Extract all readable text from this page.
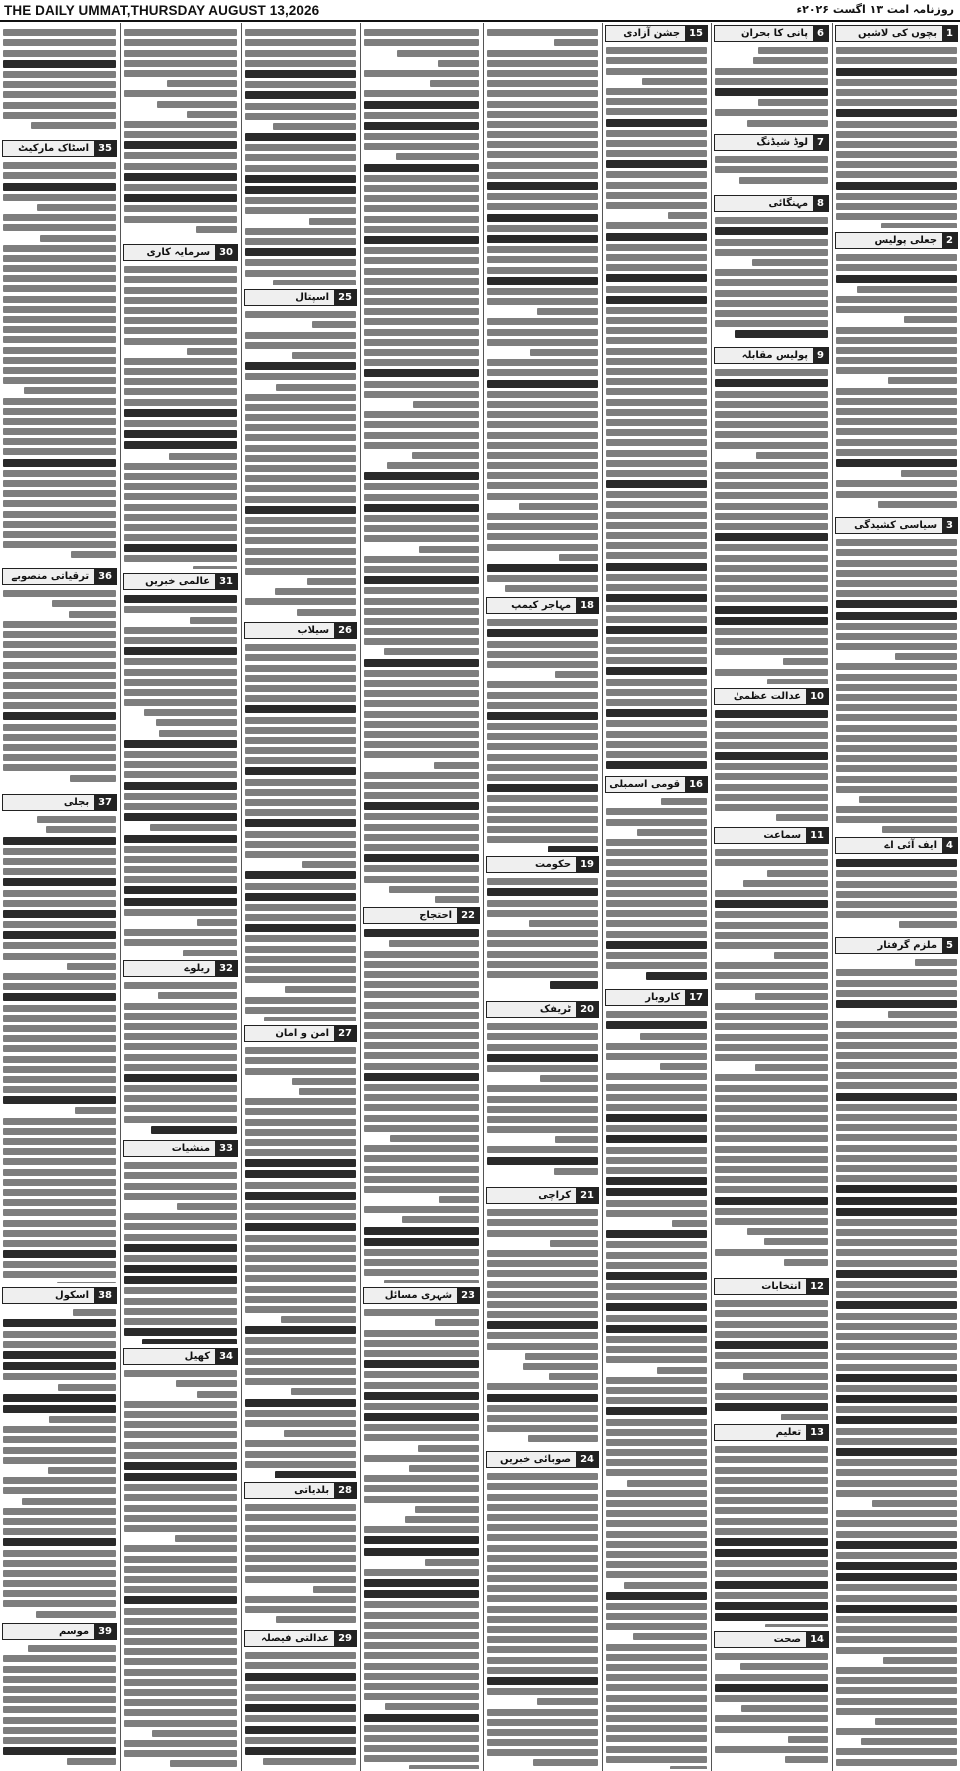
THE DAILY UMMAT,THURSDAY AUGUST 13,2026	روزنامہ امت ۱۳ اگست ۲۰۲۶ء
1بچوں کی لاشیں
2جعلی پولیس
3سیاسی کشیدگی
4ایف آئی اے
5ملزم گرفتار
6پانی کا بحران
7لوڈ شیڈنگ
8مہنگائی
9پولیس مقابلہ
10عدالت عظمیٰ
11سماعت
12انتخابات
13تعلیم
14صحت
15جشن آزادی
16قومی اسمبلی
17کاروبار
18مہاجر کیمپ
19حکومت
20ٹریفک
21کراچی
24صوبائی خبریں
22احتجاج
23شہری مسائل
25اسپتال
26سیلاب
27امن و امان
28بلدیاتی
29عدالتی فیصلہ
30سرمایہ کاری
31عالمی خبریں
32ریلوے
33منشیات
34کھیل
35اسٹاک مارکیٹ
36ترقیاتی منصوبے
37بجلی
38اسکول
39موسم
